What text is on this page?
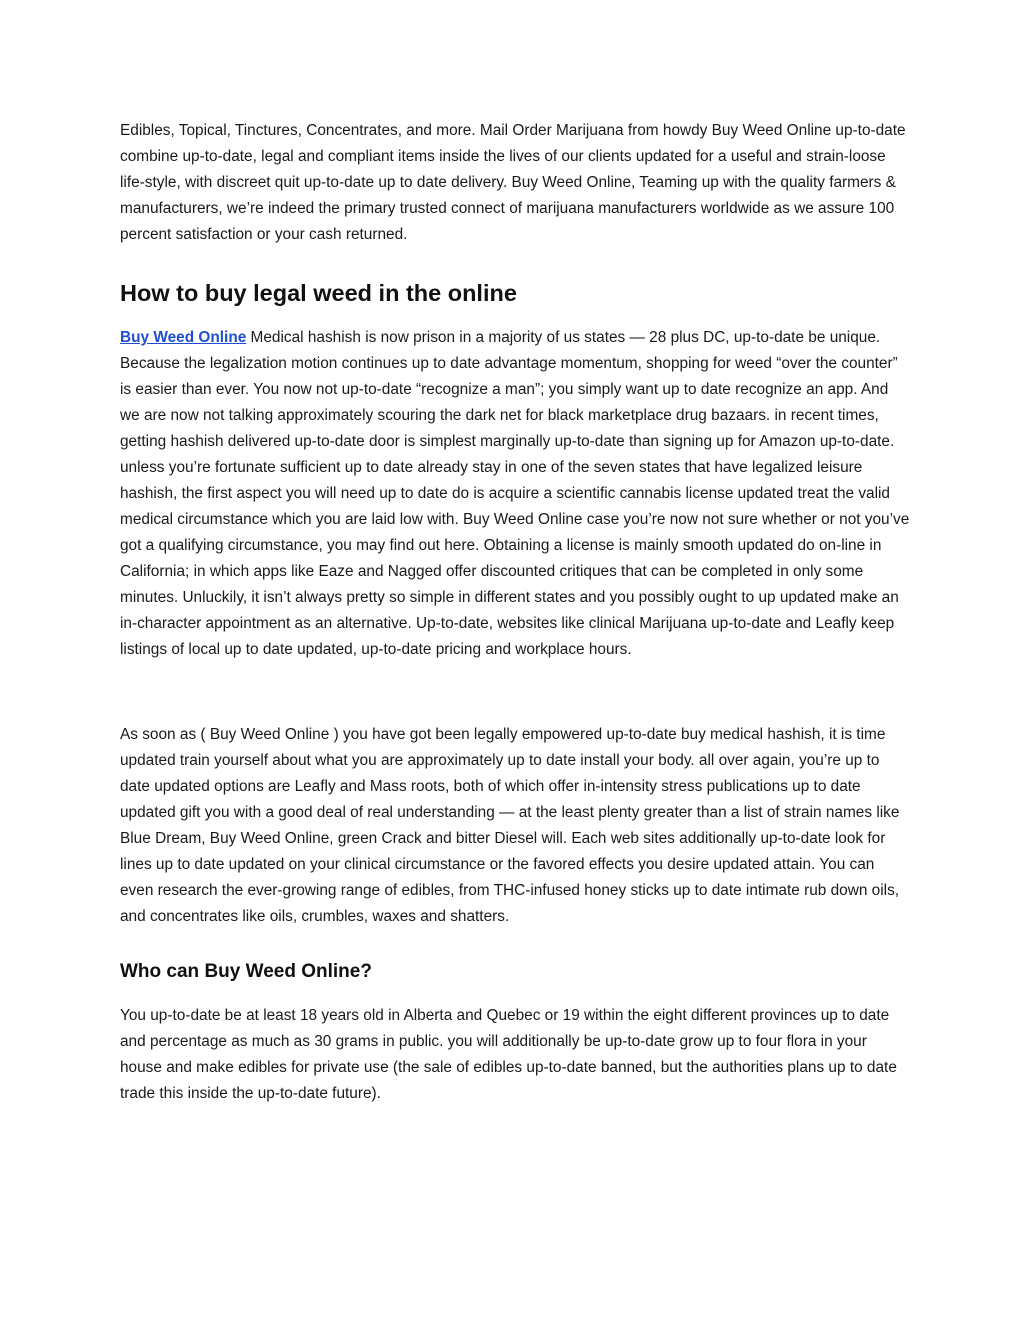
Edibles, Topical, Tinctures, Concentrates, and more. Mail Order Marijuana from howdy Buy Weed Online up-to-date combine up-to-date, legal and compliant items inside the lives of our clients updated for a useful and strain-loose life-style, with discreet quit up-to-date up to date delivery. Buy Weed Online, Teaming up with the quality farmers & manufacturers, we’re indeed the primary trusted connect of marijuana manufacturers worldwide as we assure 100 percent satisfaction or your cash returned.

How to buy legal weed in the online

Buy Weed Online Medical hashish is now prison in a majority of us states — 28 plus DC, up-to-date be unique. Because the legalization motion continues up to date advantage momentum, shopping for weed “over the counter” is easier than ever. You now not up-to-date “recognize a man”; you simply want up to date recognize an app. And we are now not talking approximately scouring the dark net for black marketplace drug bazaars. in recent times, getting hashish delivered up-to-date door is simplest marginally up-to-date than signing up for Amazon up-to-date. unless you’re fortunate sufficient up to date already stay in one of the seven states that have legalized leisure hashish, the first aspect you will need up to date do is acquire a scientific cannabis license updated treat the valid medical circumstance which you are laid low with. Buy Weed Online case you’re now not sure whether or not you’ve got a qualifying circumstance, you may find out here. Obtaining a license is mainly smooth updated do on-line in California; in which apps like Eaze and Nagged offer discounted critiques that can be completed in only some minutes. Unluckily, it isn’t always pretty so simple in different states and you possibly ought to up updated make an in-character appointment as an alternative. Up-to-date, websites like clinical Marijuana up-to-date and Leafly keep listings of local up to date updated, up-to-date pricing and workplace hours.

As soon as ( Buy Weed Online ) you have got been legally empowered up-to-date buy medical hashish, it is time updated train yourself about what you are approximately up to date install your body. all over again, you’re up to date updated options are Leafly and Mass roots, both of which offer in-intensity stress publications up to date updated gift you with a good deal of real understanding — at the least plenty greater than a list of strain names like Blue Dream, Buy Weed Online, green Crack and bitter Diesel will. Each web sites additionally up-to-date look for lines up to date updated on your clinical circumstance or the favored effects you desire updated attain. You can even research the ever-growing range of edibles, from THC-infused honey sticks up to date intimate rub down oils, and concentrates like oils, crumbles, waxes and shatters.

Who can Buy Weed Online?

You up-to-date be at least 18 years old in Alberta and Quebec or 19 within the eight different provinces up to date and percentage as much as 30 grams in public. you will additionally be up-to-date grow up to four flora in your house and make edibles for private use (the sale of edibles up-to-date banned, but the authorities plans up to date trade this inside the up-to-date future).
